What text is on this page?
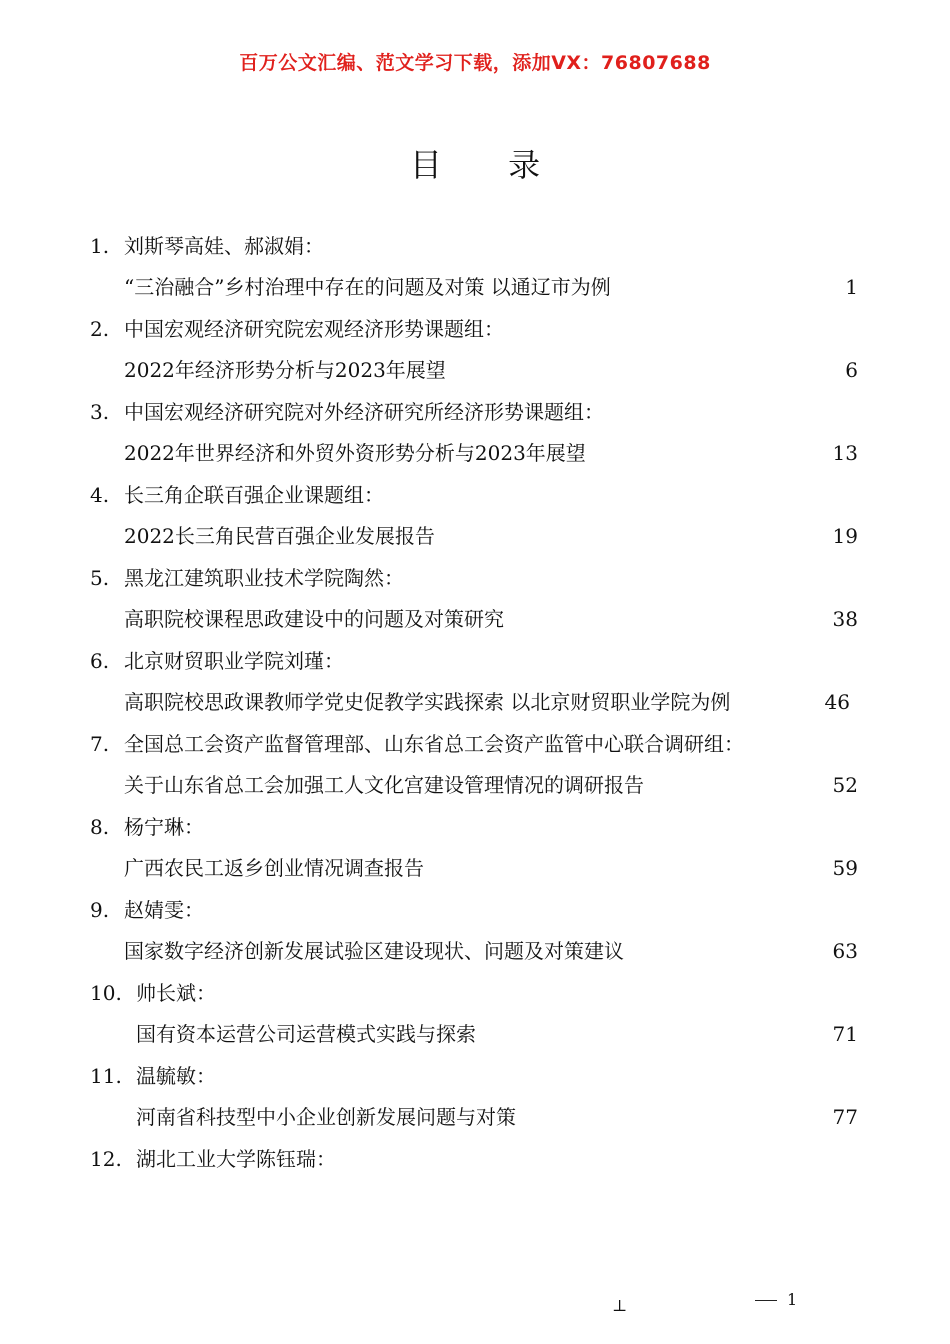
百万公文汇编、范文学习下载，添加VX：76807688
目 录
1. 刘斯琴高娃、郝淑娟：
“三治融合”乡村治理中存在的问题及对策 以通辽市为例	1
2. 中国宏观经济研究院宏观经济形势课题组：
2022年经济形势分析与2023年展望	6
3. 中国宏观经济研究院对外经济研究所经济形势课题组：
2022年世界经济和外贸外资形势分析与2023年展望	13
4. 长三角企联百强企业课题组：
2022长三角民营百强企业发展报告	19
5. 黑龙江建筑职业技术学院陶然：
高职院校课程思政建设中的问题及对策研究	38
6. 北京财贸职业学院刘瑾：
高职院校思政课教师学党史促教学实践探索 以北京财贸职业学院为例	46
7. 全国总工会资产监督管理部、山东省总工会资产监管中心联合调研组：
关于山东省总工会加强工人文化宫建设管理情况的调研报告	52
8. 杨宁琳：
广西农民工返乡创业情况调查报告	59
9. 赵婧雯：
国家数字经济创新发展试验区建设现状、问题及对策建议	63
10. 帅长斌：
国有资本运营公司运营模式实践与探索	71
11. 温毓敏：
河南省科技型中小企业创新发展问题与对策	77
12. 湖北工业大学陈钰瑞：
⊥	1
